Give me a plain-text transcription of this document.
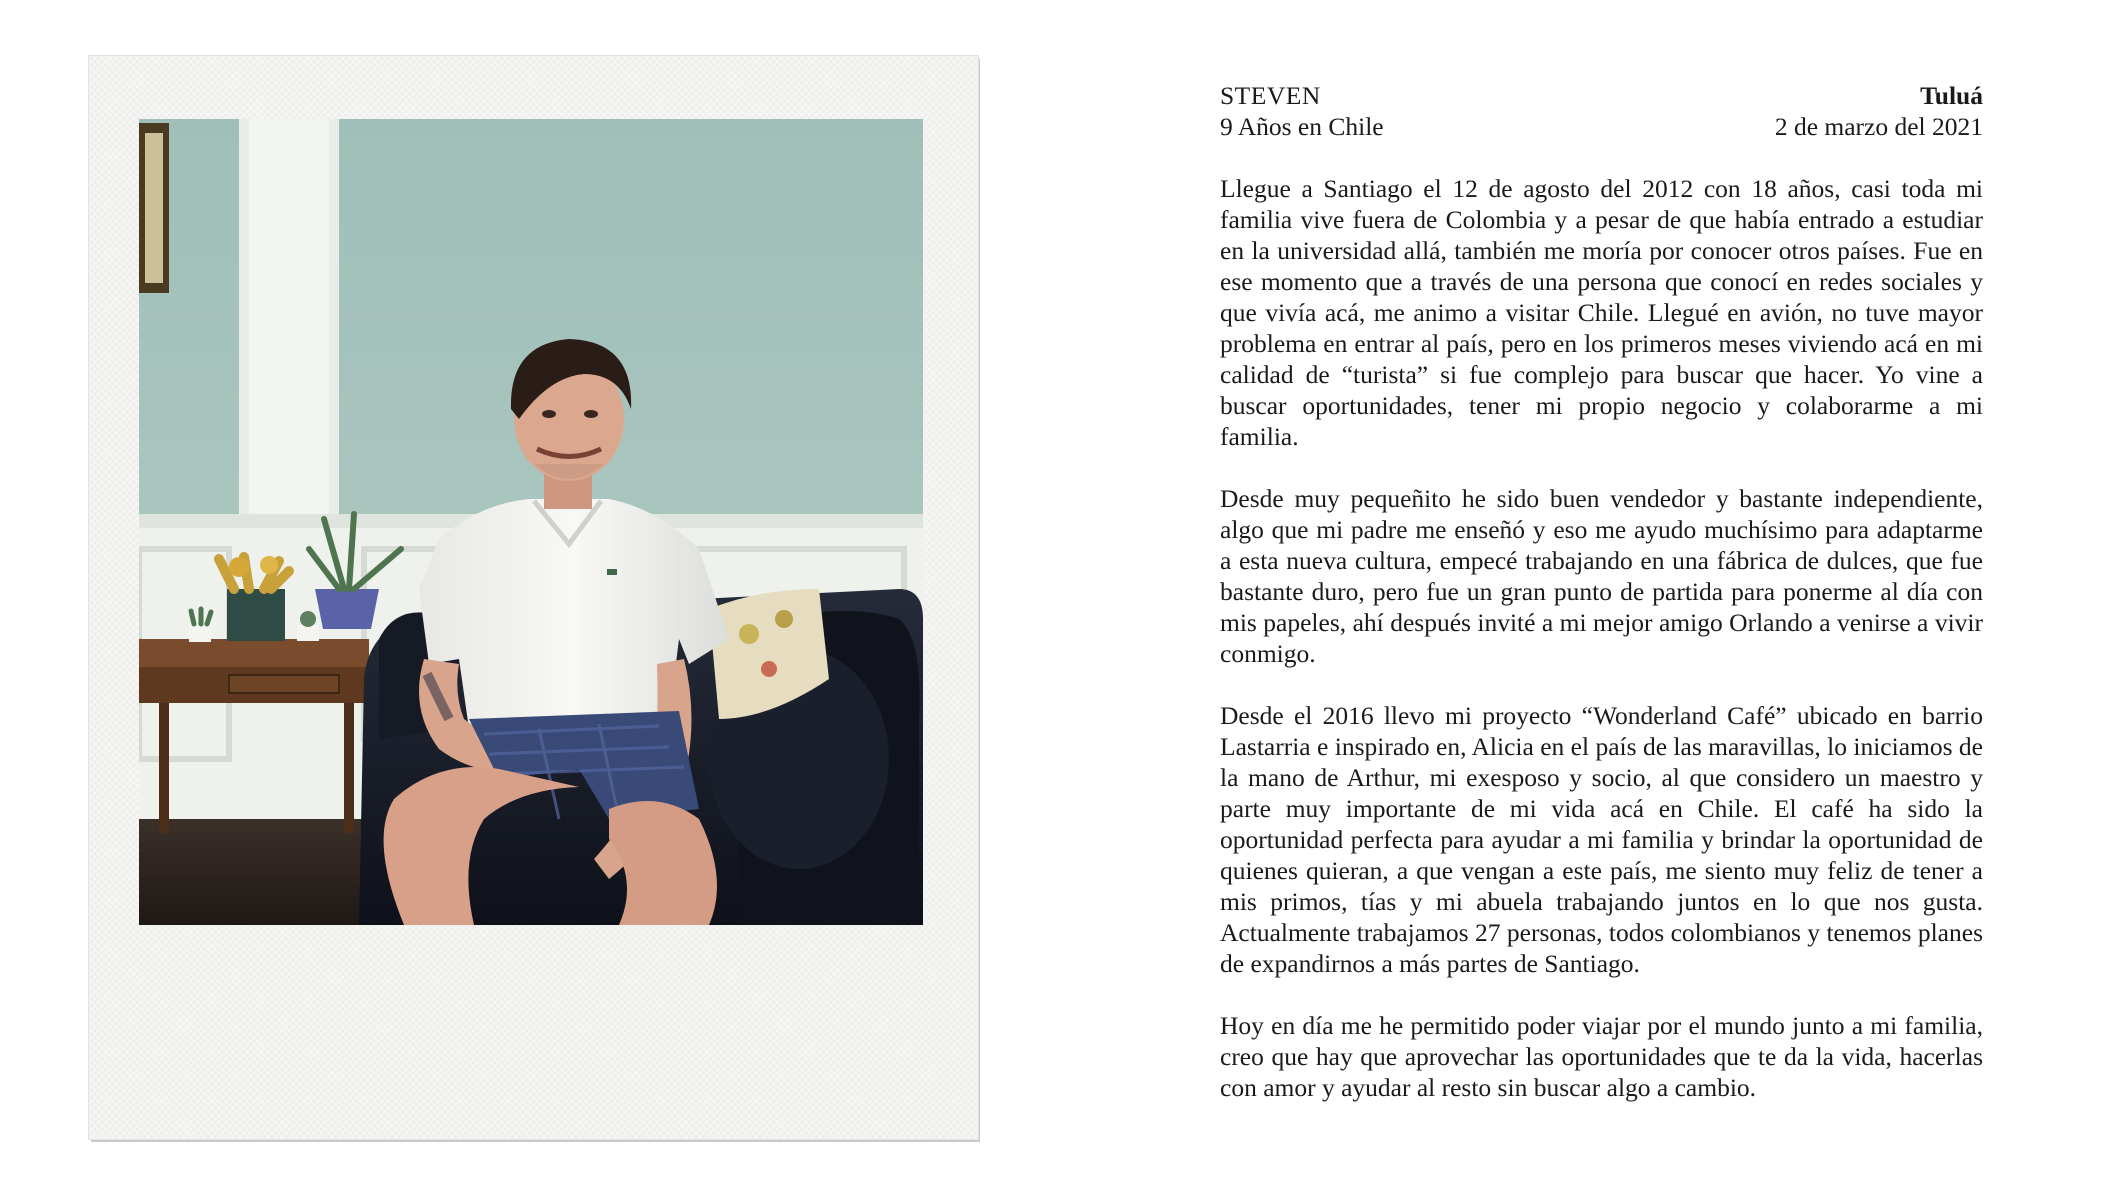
STEVEN	Tuluá
9 Años en Chile	2 de marzo del 2021

Llegue a Santiago el 12 de agosto del 2012 con 18 años, casi toda mi familia vive fuera de Colombia y a pesar de que había entrado a estudiar en la universidad allá, también me moría por conocer otros países. Fue en ese momento que a través de una persona que conocí en redes sociales y que vivía acá, me animo a visitar Chile. Llegué en avión, no tuve mayor problema en entrar al país, pero en los primeros meses viviendo acá en mi calidad de “turista” si fue complejo para buscar que hacer. Yo vine a buscar oportunidades, tener mi propio negocio y colaborarme a mi familia.

Desde muy pequeñito he sido buen vendedor y bastante independiente, algo que mi padre me enseñó y eso me ayudo muchísimo para adaptarme a esta nueva cultura, empecé trabajando en una fábrica de dulces, que fue bastante duro, pero fue un gran punto de partida para ponerme al día con mis papeles, ahí después invité a mi mejor amigo Orlando a venirse a vivir conmigo.

Desde el 2016 llevo mi proyecto “Wonderland Café” ubicado en barrio Lastarria e inspirado en, Alicia en el país de las maravillas, lo iniciamos de la mano de Arthur, mi exesposo y socio, al que considero un maestro y parte muy importante de mi vida acá en Chile. El café ha sido la oportunidad perfecta para ayudar a mi familia y brindar la oportunidad de quienes quieran, a que vengan a este país, me siento muy feliz de tener a mis primos, tías y mi abuela trabajando juntos en lo que nos gusta. Actualmente trabajamos 27 personas, todos colombianos y tenemos planes de expandirnos a más partes de Santiago.

Hoy en día me he permitido poder viajar por el mundo junto a mi familia, creo que hay que aprovechar las oportunidades que te da la vida, hacerlas con amor y ayudar al resto sin buscar algo a cambio.
